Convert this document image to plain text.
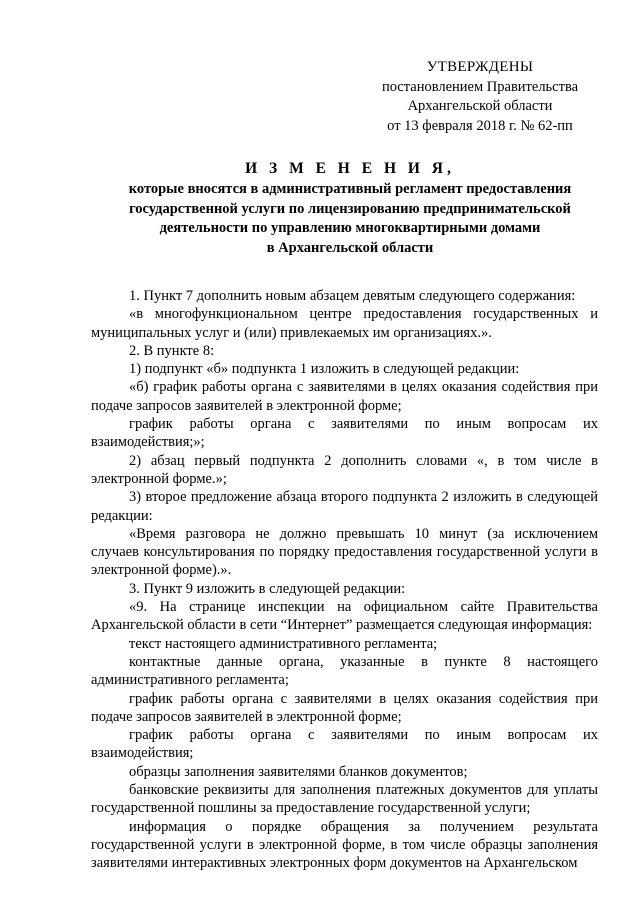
УТВЕРЖДЕНЫ
постановлением Правительства
Архангельской области
от 13 февраля 2018 г. № 62-пп
И З М Е Н Е Н И Я,
которые вносятся в административный регламент предоставления
государственной услуги по лицензированию предпринимательской
деятельности по управлению многоквартирными домами
в Архангельской области

1. Пункт 7 дополнить новым абзацем девятым следующего содержания:

«в многофункциональном центре предоставления государственных и муниципальных услуг и (или) привлекаемых им организациях.».

2. В пункте 8:

1) подпункт «б» подпункта 1 изложить в следующей редакции:

«б) график работы органа с заявителями в целях оказания содействия при подаче запросов заявителей в электронной форме;

график работы органа с заявителями по иным вопросам их взаимодействия;»;

2) абзац первый подпункта 2 дополнить словами «, в том числе в электронной форме.»;

3) второе предложение абзаца второго подпункта 2 изложить в следующей редакции:

«Время разговора не должно превышать 10 минут (за исключением случаев консультирования по порядку предоставления государственной услуги в электронной форме).».

3. Пункт 9 изложить в следующей редакции:

«9. На странице инспекции на официальном сайте Правительства Архангельской области в сети “Интернет” размещается следующая информация:

текст настоящего административного регламента;

контактные данные органа, указанные в пункте 8 настоящего административного регламента;

график работы органа с заявителями в целях оказания содействия при подаче запросов заявителей в электронной форме;

график работы органа с заявителями по иным вопросам их взаимодействия;

образцы заполнения заявителями бланков документов;

банковские реквизиты для заполнения платежных документов для уплаты государственной пошлины за предоставление государственной услуги;

информация о порядке обращения за получением результата государственной услуги в электронной форме, в том числе образцы заполнения заявителями интерактивных электронных форм документов на Архангельском
